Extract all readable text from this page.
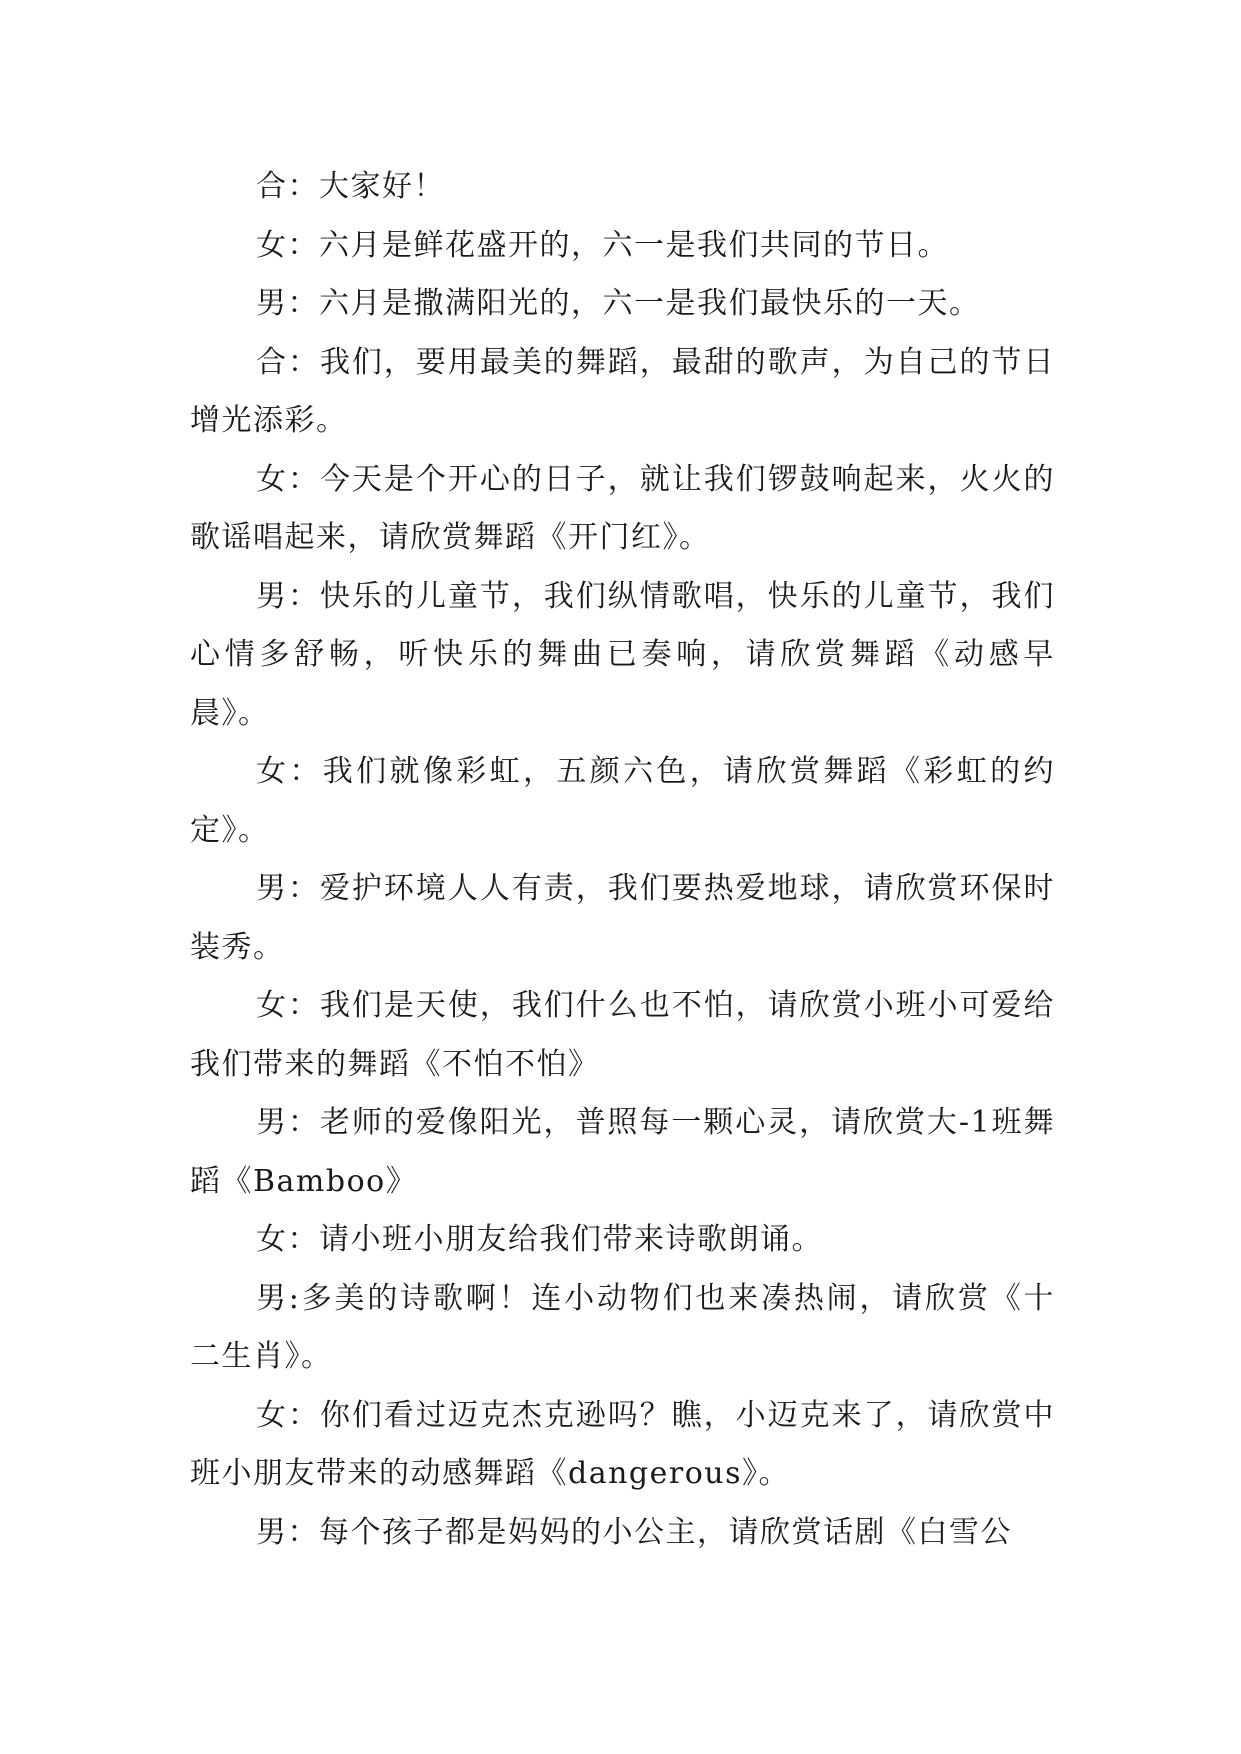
合：大家好！

女：六月是鲜花盛开的，六一是我们共同的节日。

男：六月是撒满阳光的，六一是我们最快乐的一天。

合：我们，要用最美的舞蹈，最甜的歌声，为自己的节日增光添彩。

女：今天是个开心的日子，就让我们锣鼓响起来，火火的歌谣唱起来，请欣赏舞蹈《开门红》。

男：快乐的儿童节，我们纵情歌唱，快乐的儿童节，我们心情多舒畅，听快乐的舞曲已奏响，请欣赏舞蹈《动感早晨》。

女：我们就像彩虹，五颜六色，请欣赏舞蹈《彩虹的约定》。

男：爱护环境人人有责，我们要热爱地球，请欣赏环保时装秀。

女：我们是天使，我们什么也不怕，请欣赏小班小可爱给我们带来的舞蹈《不怕不怕》

男：老师的爱像阳光，普照每一颗心灵，请欣赏大-1班舞蹈《Bamboo》

女：请小班小朋友给我们带来诗歌朗诵。

男:多美的诗歌啊！连小动物们也来凑热闹，请欣赏《十二生肖》。

女：你们看过迈克杰克逊吗？瞧，小迈克来了，请欣赏中班小朋友带来的动感舞蹈《dangerous》。

男：每个孩子都是妈妈的小公主，请欣赏话剧《白雪公
